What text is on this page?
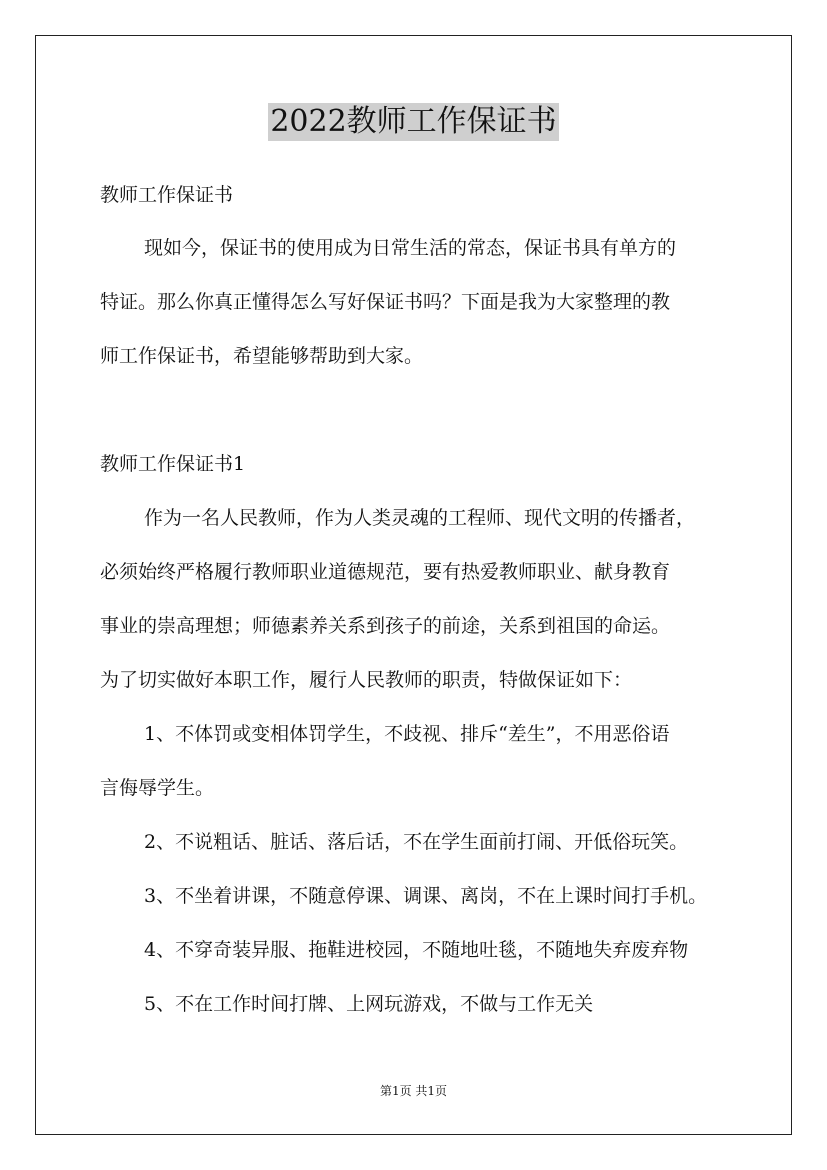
2022教师工作保证书
教师工作保证书
现如今，保证书的使用成为日常生活的常态，保证书具有单方的
特证。那么你真正懂得怎么写好保证书吗？下面是我为大家整理的教
师工作保证书，希望能够帮助到大家。
教师工作保证书1
作为一名人民教师，作为人类灵魂的工程师、现代文明的传播者，
必须始终严格履行教师职业道德规范，要有热爱教师职业、献身教育
事业的崇高理想；师德素养关系到孩子的前途，关系到祖国的命运。
为了切实做好本职工作，履行人民教师的职责，特做保证如下：
1、不体罚或变相体罚学生，不歧视、排斥“差生”，不用恶俗语
言侮辱学生。
2、不说粗话、脏话、落后话，不在学生面前打闹、开低俗玩笑。
3、不坐着讲课，不随意停课、调课、离岗，不在上课时间打手机。
4、不穿奇装异服、拖鞋进校园，不随地吐毯，不随地失弃废弃物
5、不在工作时间打牌、上网玩游戏，不做与工作无关
第1页 共1页
